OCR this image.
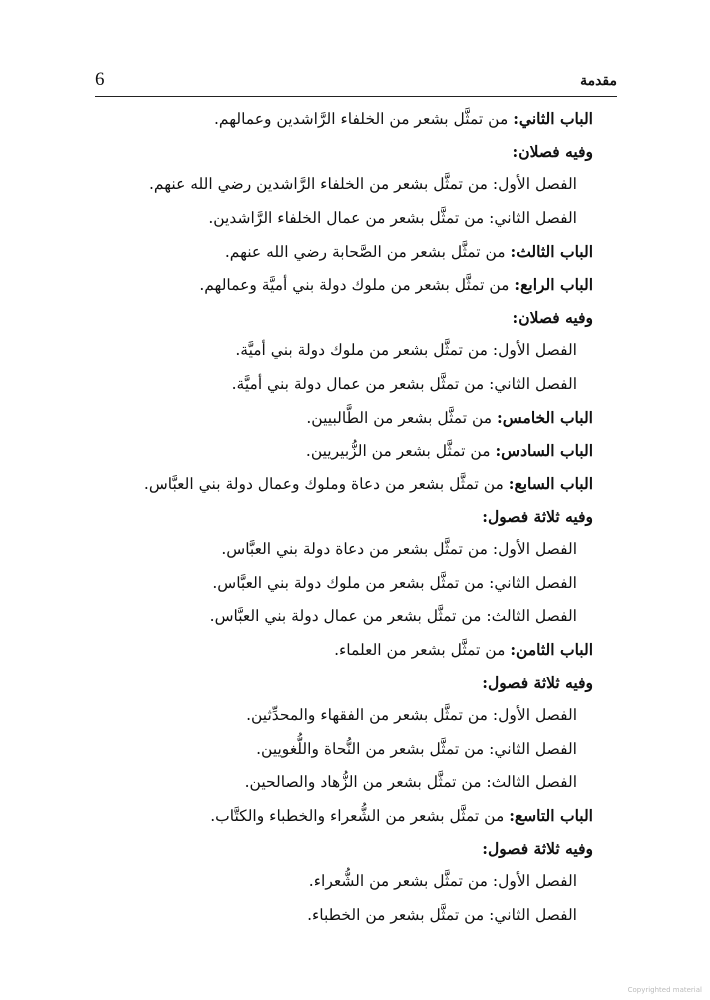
6	مقدمة
الباب الثاني: من تمثَّل بشعر من الخلفاء الرَّاشدين وعمالهم.
وفيه فصلان:
الفصل الأول: من تمثَّل بشعر من الخلفاء الرَّاشدين رضي الله عنهم.
الفصل الثاني: من تمثَّل بشعر من عمال الخلفاء الرَّاشدين.
الباب الثالث: من تمثَّل بشعر من الصَّحابة رضي الله عنهم.
الباب الرابع: من تمثَّل بشعر من ملوك دولة بني أميَّة وعمالهم.
وفيه فصلان:
الفصل الأول: من تمثَّل بشعر من ملوك دولة بني أميَّة.
الفصل الثاني: من تمثَّل بشعر من عمال دولة بني أميَّة.
الباب الخامس: من تمثَّل بشعر من الطَّالبيين.
الباب السادس: من تمثَّل بشعر من الزُّبيريين.
الباب السابع: من تمثَّل بشعر من دعاة وملوك وعمال دولة بني العبَّاس.
وفيه ثلاثة فصول:
الفصل الأول: من تمثَّل بشعر من دعاة دولة بني العبَّاس.
الفصل الثاني: من تمثَّل بشعر من ملوك دولة بني العبَّاس.
الفصل الثالث: من تمثَّل بشعر من عمال دولة بني العبَّاس.
الباب الثامن: من تمثَّل بشعر من العلماء.
وفيه ثلاثة فصول:
الفصل الأول: من تمثَّل بشعر من الفقهاء والمحدِّثين.
الفصل الثاني: من تمثَّل بشعر من النُّحاة واللُّغويين.
الفصل الثالث: من تمثَّل بشعر من الزُّهاد والصالحين.
الباب التاسع: من تمثَّل بشعر من الشُّعراء والخطباء والكتَّاب.
وفيه ثلاثة فصول:
الفصل الأول: من تمثَّل بشعر من الشُّعراء.
الفصل الثاني: من تمثَّل بشعر من الخطباء.
Copyrighted material
